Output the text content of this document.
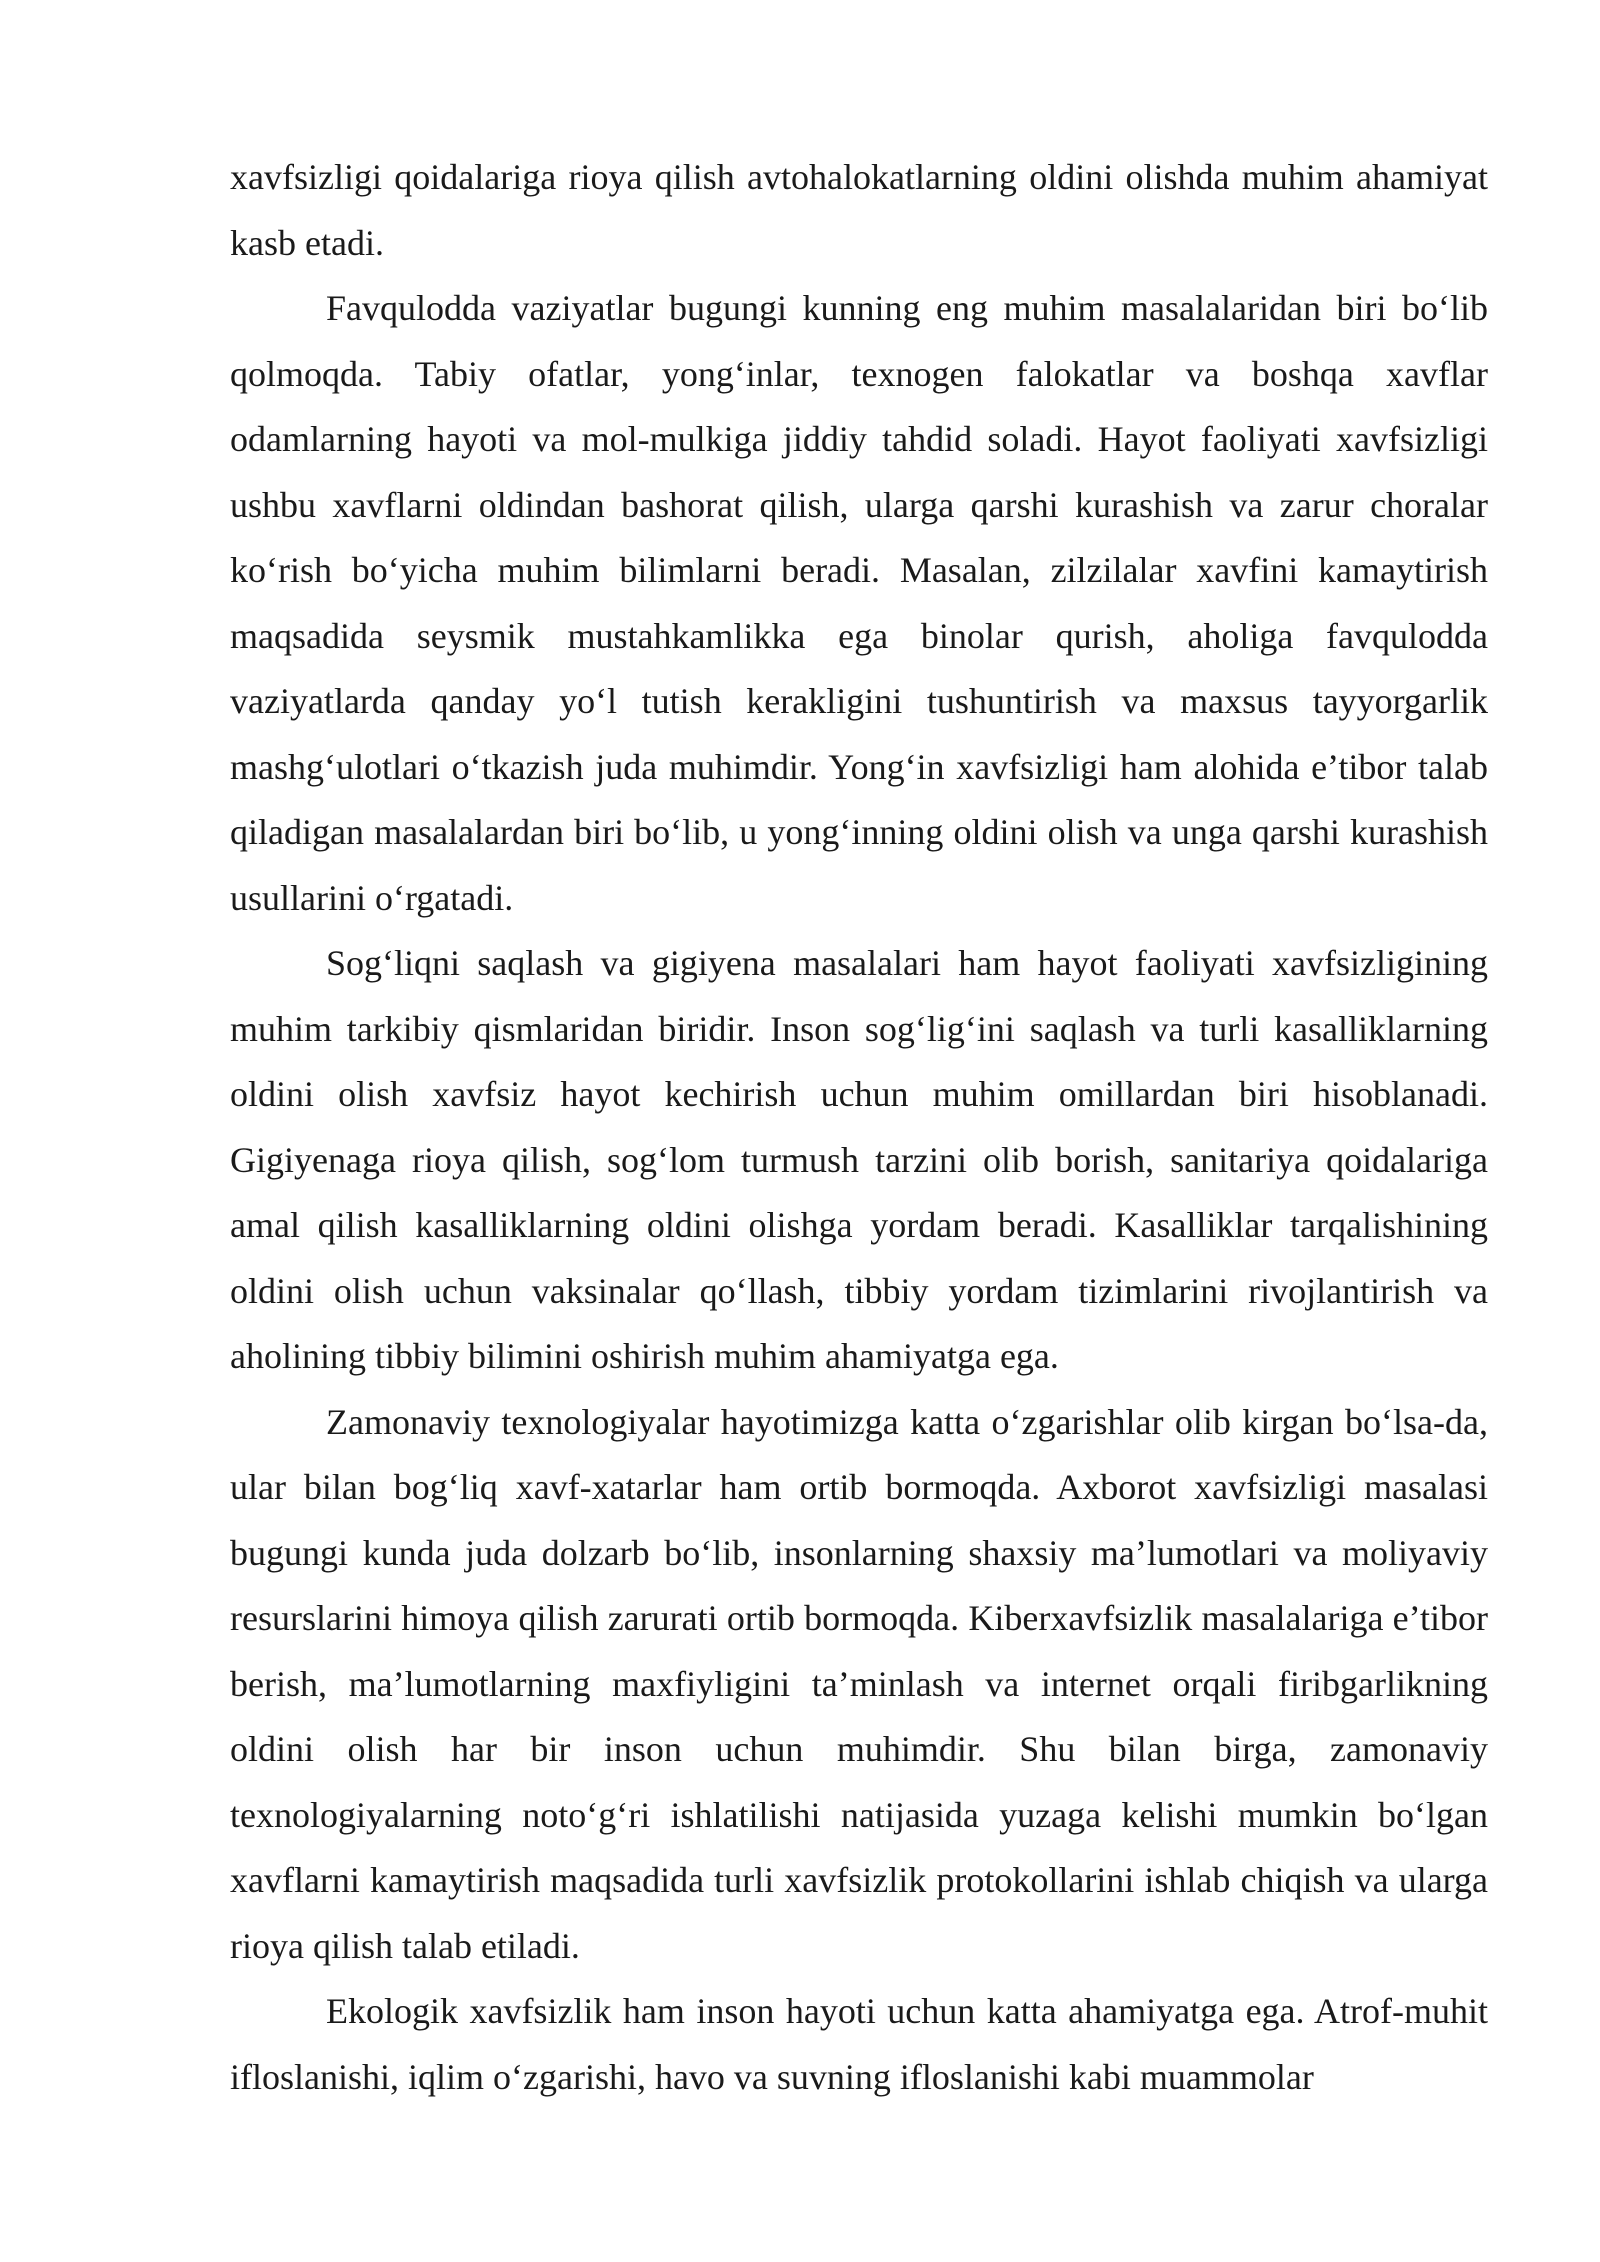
xavfsizligi qoidalariga rioya qilish avtohalokatlarning oldini olishda muhim ahamiyat kasb etadi.

Favqulodda vaziyatlar bugungi kunning eng muhim masalalaridan biri bo‘lib qolmoqda. Tabiy ofatlar, yong‘inlar, texnogen falokatlar va boshqa xavflar odamlarning hayoti va mol-mulkiga jiddiy tahdid soladi. Hayot faoliyati xavfsizligi ushbu xavflarni oldindan bashorat qilish, ularga qarshi kurashish va zarur choralar ko‘rish bo‘yicha muhim bilimlarni beradi. Masalan, zilzilalar xavfini kamaytirish maqsadida seysmik mustahkamlikka ega binolar qurish, aholiga favqulodda vaziyatlarda qanday yo‘l tutish kerakligini tushuntirish va maxsus tayyorgarlik mashg‘ulotlari o‘tkazish juda muhimdir. Yong‘in xavfsizligi ham alohida e’tibor talab qiladigan masalalardan biri bo‘lib, u yong‘inning oldini olish va unga qarshi kurashish usullarini o‘rgatadi.

Sog‘liqni saqlash va gigiyena masalalari ham hayot faoliyati xavfsizligining muhim tarkibiy qismlaridan biridir. Inson sog‘lig‘ini saqlash va turli kasalliklarning oldini olish xavfsiz hayot kechirish uchun muhim omillardan biri hisoblanadi. Gigiyenaga rioya qilish, sog‘lom turmush tarzini olib borish, sanitariya qoidalariga amal qilish kasalliklarning oldini olishga yordam beradi. Kasalliklar tarqalishining oldini olish uchun vaksinalar qo‘llash, tibbiy yordam tizimlarini rivojlantirish va aholining tibbiy bilimini oshirish muhim ahamiyatga ega.

Zamonaviy texnologiyalar hayotimizga katta o‘zgarishlar olib kirgan bo‘lsa-da, ular bilan bog‘liq xavf-xatarlar ham ortib bormoqda. Axborot xavfsizligi masalasi bugungi kunda juda dolzarb bo‘lib, insonlarning shaxsiy ma’lumotlari va moliyaviy resurslarini himoya qilish zarurati ortib bormoqda. Kiberxavfsizlik masalalariga e’tibor berish, ma’lumotlarning maxfiyligini ta’minlash va internet orqali firibgarlikning oldini olish har bir inson uchun muhimdir. Shu bilan birga, zamonaviy texnologiyalarning noto‘g‘ri ishlatilishi natijasida yuzaga kelishi mumkin bo‘lgan xavflarni kamaytirish maqsadida turli xavfsizlik protokollarini ishlab chiqish va ularga rioya qilish talab etiladi.

Ekologik xavfsizlik ham inson hayoti uchun katta ahamiyatga ega. Atrof-muhit ifloslanishi, iqlim o‘zgarishi, havo va suvning ifloslanishi kabi muammolar
